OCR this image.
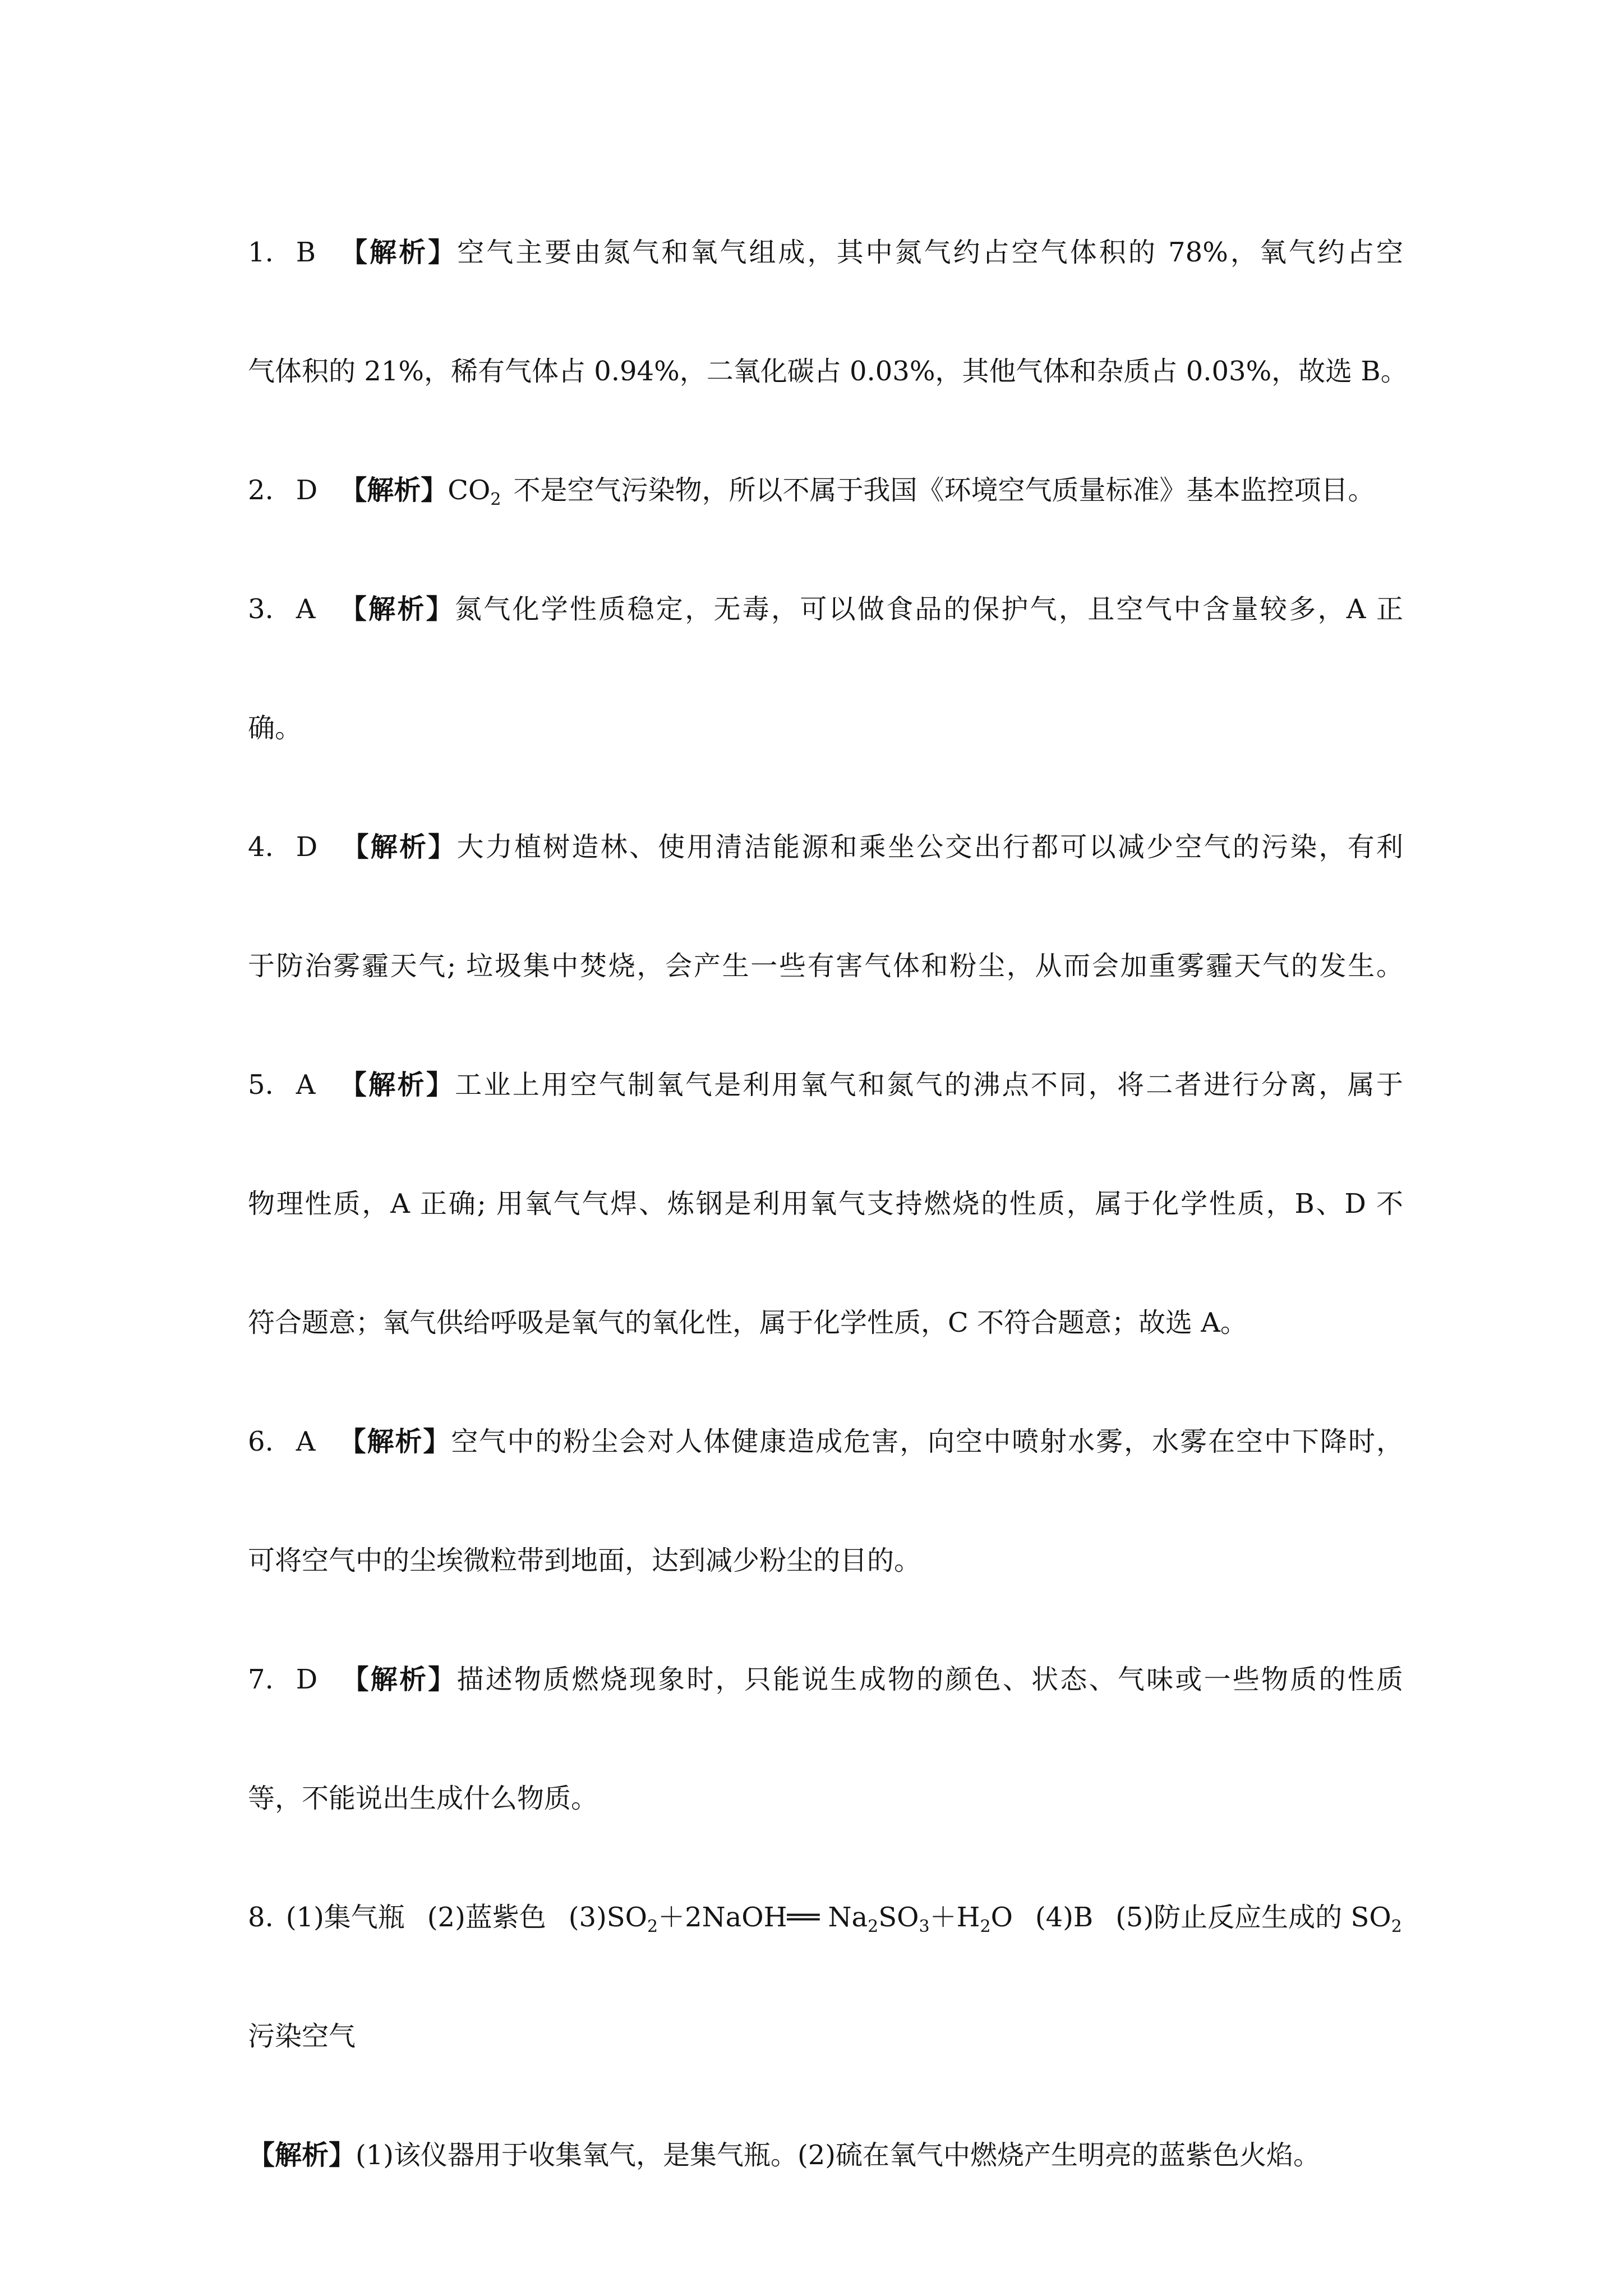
1. B 【解析】空气主要由氮气和氧气组成，其中氮气约占空气体积的 78%，氧气约占空
气体积的 21%，稀有气体占 0.94%，二氧化碳占 0.03%，其他气体和杂质占 0.03%，故选 B。
2. D 【解析】$CO_2$ 不是空气污染物，所以不属于我国《环境空气质量标准》基本监控项目。
3. A 【解析】氮气化学性质稳定，无毒，可以做食品的保护气，且空气中含量较多，A 正
确。
4. D 【解析】大力植树造林、使用清洁能源和乘坐公交出行都可以减少空气的污染，有利
于防治雾霾天气; 垃圾集中焚烧，会产生一些有害气体和粉尘，从而会加重雾霾天气的发生。
5. A 【解析】工业上用空气制氧气是利用氧气和氮气的沸点不同，将二者进行分离，属于
物理性质，A 正确; 用氧气气焊、炼钢是利用氧气支持燃烧的性质，属于化学性质，B、D 不
符合题意；氧气供给呼吸是氧气的氧化性，属于化学性质，C 不符合题意；故选 A。
6. A 【解析】空气中的粉尘会对人体健康造成危害，向空中喷射水雾，水雾在空中下降时，
可将空气中的尘埃微粒带到地面，达到减少粉尘的目的。
7. D 【解析】描述物质燃烧现象时，只能说生成物的颜色、状态、气味或一些物质的性质
等，不能说出生成什么物质。
8. (1)集气瓶 (2)蓝紫色 $(3)SO_2+2NaOH══$ $Na_2SO_3+H_2O$ (4)B (5)防止反应生成的 $SO_2$
污染空气
【解析】(1)该仪器用于收集氧气，是集气瓶。(2)硫在氧气中燃烧产生明亮的蓝紫色火焰。
